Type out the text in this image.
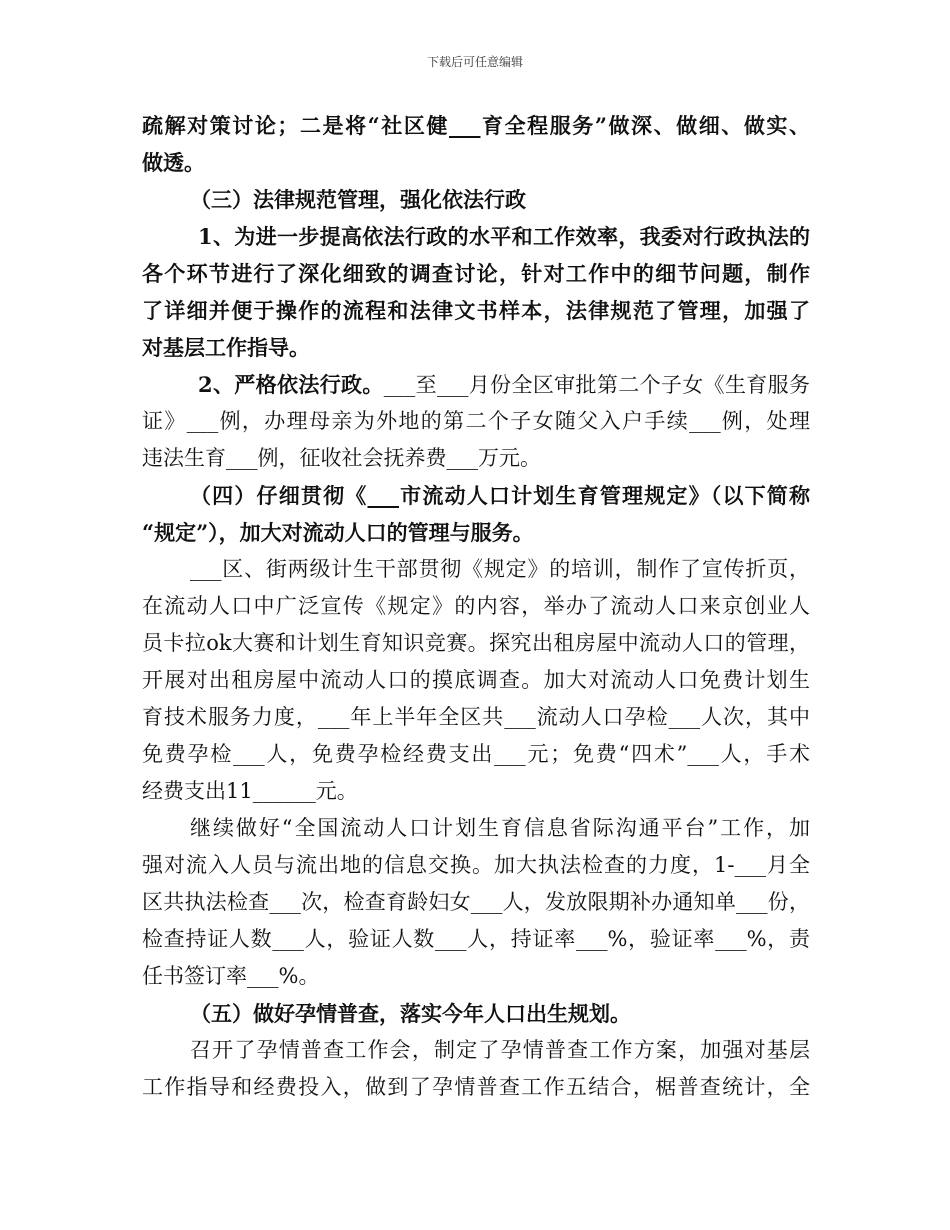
下载后可任意编辑
疏解对策讨论；二是将“社区健___育全程服务”做深、做细、做实、
做透。
（三）法律规范管理，强化依法行政
1、为进一步提高依法行政的水平和工作效率，我委对行政执法的
各个环节进行了深化细致的调查讨论，针对工作中的细节问题，制作
了详细并便于操作的流程和法律文书样本，法律规范了管理，加强了
对基层工作指导。
2、严格依法行政。___至___月份全区审批第二个子女《生育服务
证》___例，办理母亲为外地的第二个子女随父入户手续___例，处理
违法生育___例，征收社会抚养费___万元。
（四）仔细贯彻《___市流动人口计划生育管理规定》（以下简称
“规定”），加大对流动人口的管理与服务。
___区、街两级计生干部贯彻《规定》的培训，制作了宣传折页，
在流动人口中广泛宣传《规定》的内容，举办了流动人口来京创业人
员卡拉ok大赛和计划生育知识竞赛。探究出租房屋中流动人口的管理，
开展对出租房屋中流动人口的摸底调查。加大对流动人口免费计划生
育技术服务力度，___年上半年全区共___流动人口孕检___人次，其中
免费孕检___人，免费孕检经费支出___元；免费“四术”___人，手术
经费支出11______元。
继续做好“全国流动人口计划生育信息省际沟通平台”工作，加
强对流入人员与流出地的信息交换。加大执法检查的力度，1-___月全
区共执法检查___次，检查育龄妇女___人，发放限期补办通知单___份，
检查持证人数___人，验证人数___人，持证率___%，验证率___%，责
任书签订率___%。
（五）做好孕情普查，落实今年人口出生规划。
召开了孕情普查工作会，制定了孕情普查工作方案，加强对基层
工作指导和经费投入，做到了孕情普查工作五结合，椐普查统计，全
